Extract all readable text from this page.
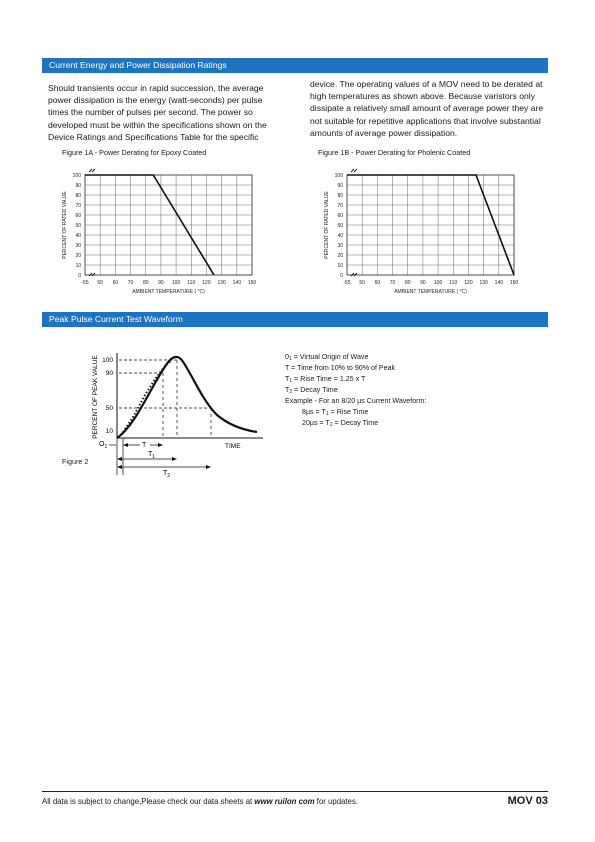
Current Energy and Power Dissipation Ratings

Should transients occur in rapid succession, the average power dissipation is the energy (watt-seconds) per pulse times the number of pulses per second. The power so developed must be within the specifications shown on the Device Ratings and Specifications Table for the specific

device. The operating values of a MOV need to be derated at high temperatures as shown above. Because varistors only dissipate a relatively small amount of average power they are not suitable for repetitive applications that involve substantial amounts of average power dissipation.

Figure 1A - Power Derating for Epoxy Coated	Figure 1B - Power Derating for Pholenic Coated
-55 50 60 70 80 90 100 110 120 130 140 150
0
10
20
30
40
50
60
70
80
90
100
AMBIENT TEMPERATURE ( °C)
PERCENT OF RATED VALUE
-55 50 60 70 80 90 100 110 120 130 140 150
0
10
20
30
40
50
60
70
80
90
100
AMBIENT TEMPERATURE ( °C)
PERCENT OF RATED VALUE
Peak Pulse Current Test Waveform
100
90
50
10
PERCENT OF PEAK VALUE
$O_1$	T	TIME
$T_1$
$T_2$
Figure 2
$0_1$ = Virtual Origin of Wave
T = Time from 10% to 90% of Peak
$T_1$ = Rise Time = 1.25 x T
$T_2$ = Decay Time
Example - For an 8/20 µs Current Waveform:
$8\mu s = T_1$ = Rise Time
$20\mu s = T_2$ = Decay Time
All data is subject to change,Please check our data sheets at www ruilon com for updates.	MOV 03
